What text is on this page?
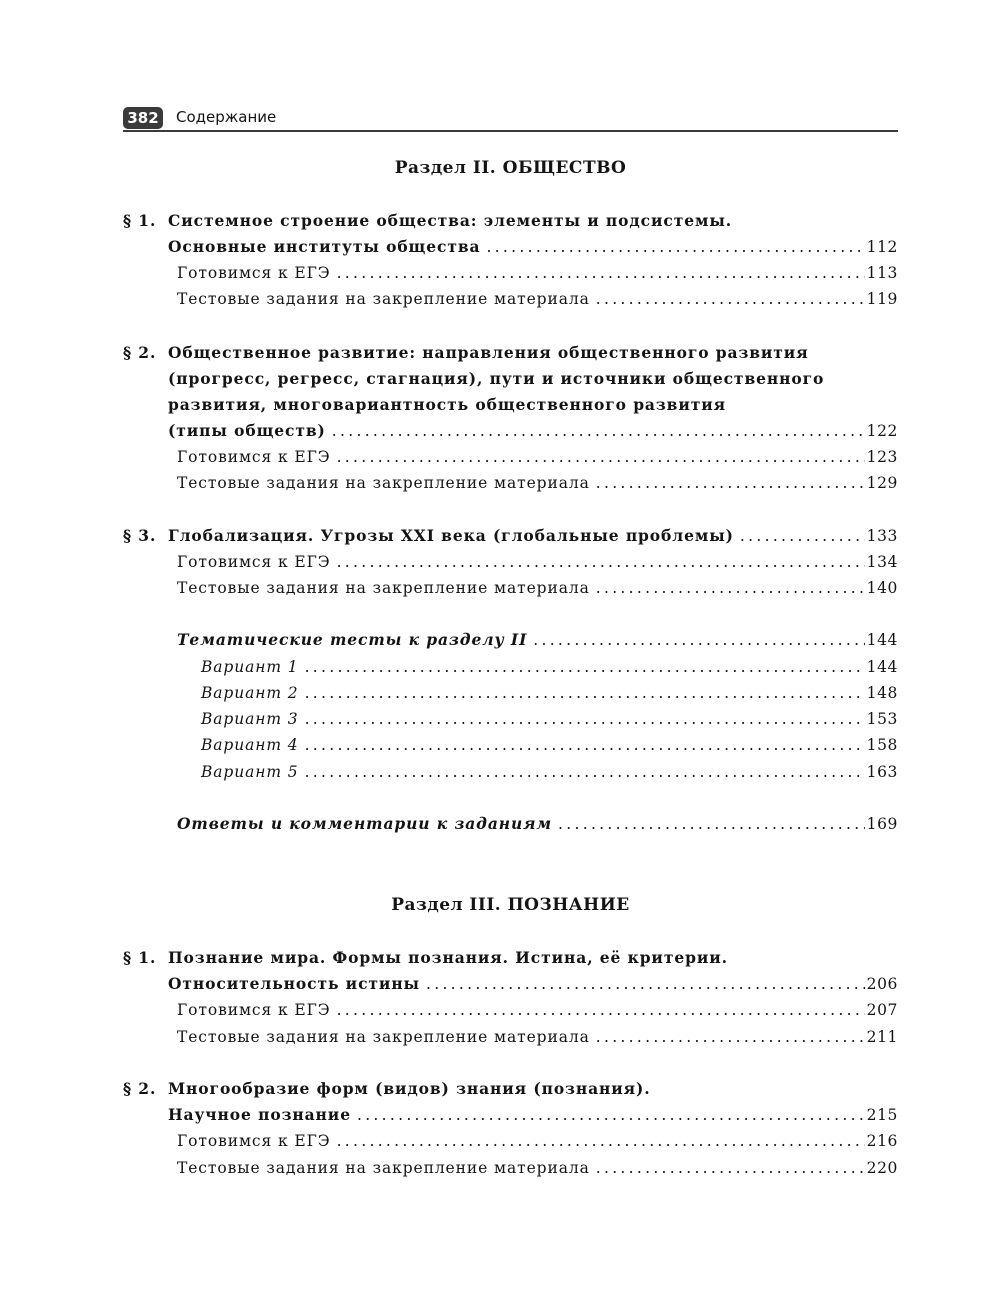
382 Содержание
Раздел II. ОБЩЕСТВО
§ 1. Системное строение общества: элементы и подсистемы.
Основные институты общества .....	112
Готовимся к ЕГЭ .....	113
Тестовые задания на закрепление материала .....	119
§ 2. Общественное развитие: направления общественного развития
(прогресс, регресс, стагнация), пути и источники общественного
развития, многовариантность общественного развития
(типы обществ) .....	122
Готовимся к ЕГЭ .....	123
Тестовые задания на закрепление материала .....	129
§ 3. Глобализация. Угрозы XXI века (глобальные проблемы) .....	133
Готовимся к ЕГЭ .....	134
Тестовые задания на закрепление материала .....	140
Тематические тесты к разделу II .....	144
Вариант 1 .....	144
Вариант 2 .....	148
Вариант 3 .....	153
Вариант 4 .....	158
Вариант 5 .....	163
Ответы и комментарии к заданиям .....	169
Раздел III. ПОЗНАНИЕ
§ 1. Познание мира. Формы познания. Истина, её критерии.
Относительность истины .....	206
Готовимся к ЕГЭ .....	207
Тестовые задания на закрепление материала .....	211
§ 2. Многообразие форм (видов) знания (познания).
Научное познание .....	215
Готовимся к ЕГЭ .....	216
Тестовые задания на закрепление материала .....	220
